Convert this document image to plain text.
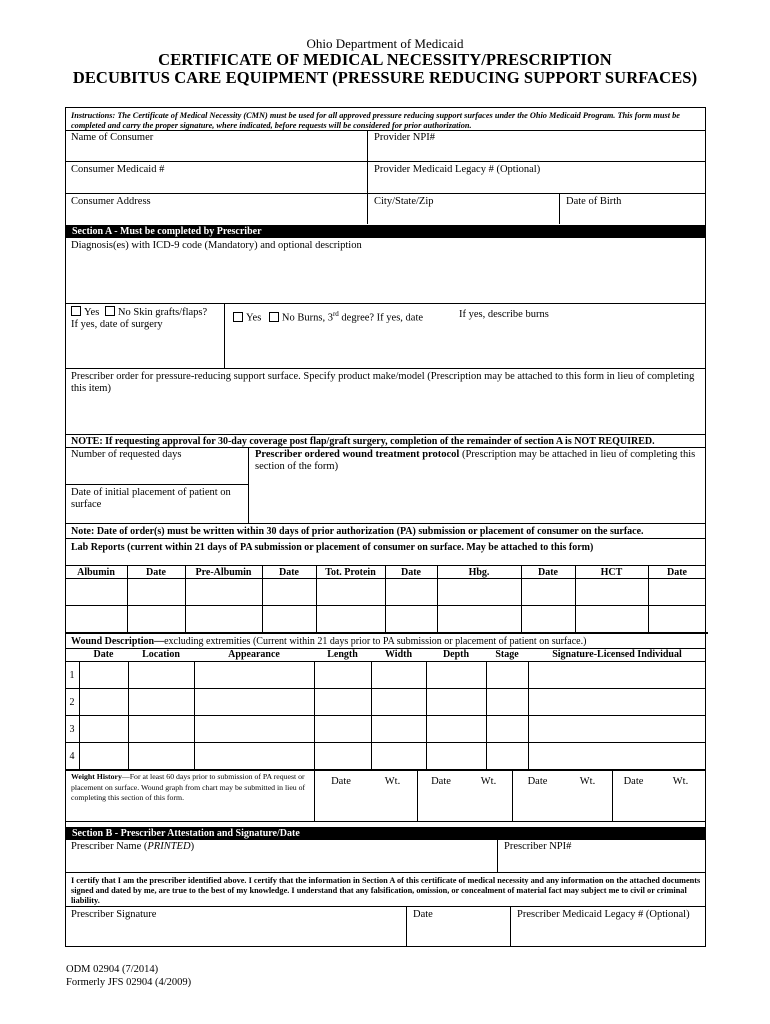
Ohio Department of Medicaid
CERTIFICATE OF MEDICAL NECESSITY/PRESCRIPTION
DECUBITUS CARE EQUIPMENT (PRESSURE REDUCING SUPPORT SURFACES)
Instructions: The Certificate of Medical Necessity (CMN) must be used for all approved pressure reducing support surfaces under the Ohio Medicaid Program. This form must be completed and carry the proper signature, where indicated, before requests will be considered for prior authorization.
Name of Consumer	Provider NPI#
Consumer Medicaid #	Provider Medicaid Legacy # (Optional)
Consumer Address	City/State/Zip	Date of Birth
Section A - Must be completed by Prescriber
Diagnosis(es) with ICD-9 code (Mandatory) and optional description
Yes No Skin grafts/flaps?
If yes, date of surgery
Yes No Burns, 3rd degree? If yes, date	If yes, describe burns
Prescriber order for pressure-reducing support surface. Specify product make/model (Prescription may be attached to this form in lieu of completing this item)
NOTE: If requesting approval for 30-day coverage post flap/graft surgery, completion of the remainder of section A is NOT REQUIRED.
Number of requested days	Prescriber ordered wound treatment protocol (Prescription may be attached in lieu of completing this section of the form)
Date of initial placement of patient on surface
Note: Date of order(s) must be written within 30 days of prior authorization (PA) submission or placement of consumer on the surface.
Lab Reports (current within 21 days of PA submission or placement of consumer on surface. May be attached to this form)
Albumin	Date	Pre-Albumin	Date	Tot. Protein	Date	Hbg.	Date	HCT	Date
Wound Description—excluding extremities (Current within 21 days prior to PA submission or placement of patient on surface.)
Date	Location	Appearance	Length	Width	Depth	Stage	Signature-Licensed Individual
1
2
3
4
Weight History—For at least 60 days prior to submission of PA request or placement on surface. Wound graph from chart may be submitted in lieu of completing this section of this form.
Date	Wt.	Date	Wt.	Date	Wt.	Date	Wt.
Section B - Prescriber Attestation and Signature/Date
Prescriber Name (PRINTED)	Prescriber NPI#
I certify that I am the prescriber identified above. I certify that the information in Section A of this certificate of medical necessity and any information on the attached documents signed and dated by me, are true to the best of my knowledge. I understand that any falsification, omission, or concealment of material fact may subject me to civil or criminal liability.
Prescriber Signature	Date	Prescriber Medicaid Legacy # (Optional)
ODM 02904 (7/2014)
Formerly JFS 02904 (4/2009)
